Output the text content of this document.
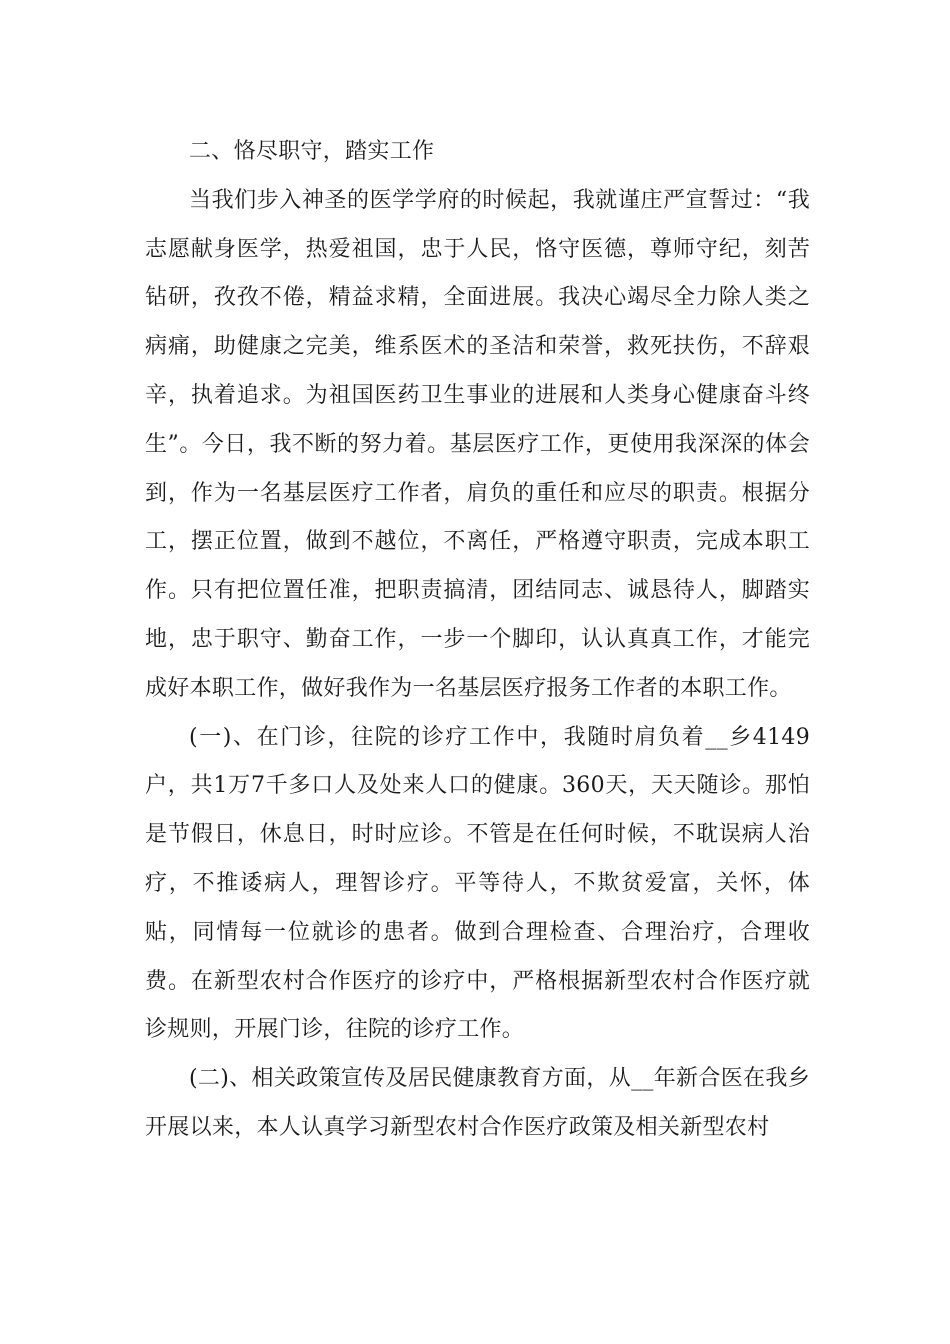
二、恪尽职守，踏实工作

当我们步入神圣的医学学府的时候起，我就谨庄严宣誓过：“我志愿献身医学，热爱祖国，忠于人民，恪守医德，尊师守纪，刻苦钻研，孜孜不倦，精益求精，全面进展。我决心竭尽全力除人类之病痛，助健康之完美，维系医术的圣洁和荣誉，救死扶伤，不辞艰辛，执着追求。为祖国医药卫生事业的进展和人类身心健康奋斗终生”。今日，我不断的努力着。基层医疗工作，更使用我深深的体会到，作为一名基层医疗工作者，肩负的重任和应尽的职责。根据分工，摆正位置，做到不越位，不离任，严格遵守职责，完成本职工作。只有把位置任准，把职责搞清，团结同志、诚恳待人，脚踏实地，忠于职守、勤奋工作，一步一个脚印，认认真真工作，才能完成好本职工作，做好我作为一名基层医疗报务工作者的本职工作。

(一)、在门诊，往院的诊疗工作中，我随时肩负着__乡4149户，共1万7千多口人及处来人口的健康。360天，天天随诊。那怕是节假日，休息日，时时应诊。不管是在任何时候，不耽误病人治疗，不推诿病人，理智诊疗。平等待人，不欺贫爱富，关怀，体贴，同情每一位就诊的患者。做到合理检查、合理治疗，合理收费。在新型农村合作医疗的诊疗中，严格根据新型农村合作医疗就诊规则，开展门诊，往院的诊疗工作。

(二)、相关政策宣传及居民健康教育方面，从__年新合医在我乡开展以来，本人认真学习新型农村合作医疗政策及相关新型农村
